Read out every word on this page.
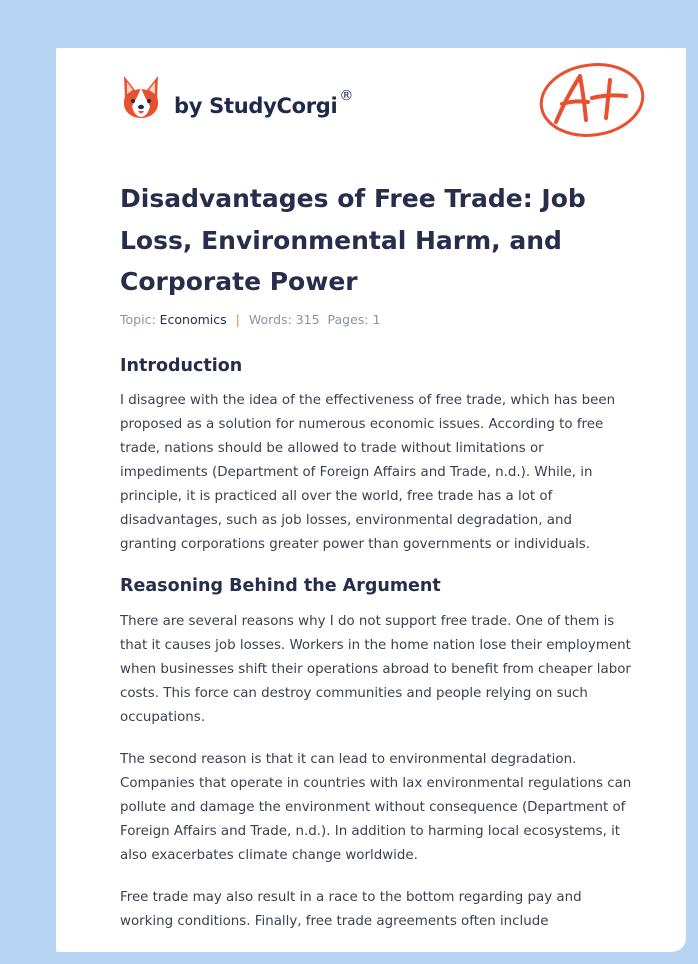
by StudyCorgi ®
Disadvantages of Free Trade: Job Loss, Environmental Harm, and Corporate Power
Topic: Economics | Words: 315 Pages: 1
Introduction

I disagree with the idea of the effectiveness of free trade, which has been proposed as a solution for numerous economic issues. According to free trade, nations should be allowed to trade without limitations or impediments (Department of Foreign Affairs and Trade, n.d.). While, in principle, it is practiced all over the world, free trade has a lot of disadvantages, such as job losses, environmental degradation, and granting corporations greater power than governments or individuals.

Reasoning Behind the Argument

There are several reasons why I do not support free trade. One of them is that it causes job losses. Workers in the home nation lose their employment when businesses shift their operations abroad to benefit from cheaper labor costs. This force can destroy communities and people relying on such occupations.

The second reason is that it can lead to environmental degradation. Companies that operate in countries with lax environmental regulations can pollute and damage the environment without consequence (Department of Foreign Affairs and Trade, n.d.). In addition to harming local ecosystems, it also exacerbates climate change worldwide.

Free trade may also result in a race to the bottom regarding pay and working conditions. Finally, free trade agreements often include
